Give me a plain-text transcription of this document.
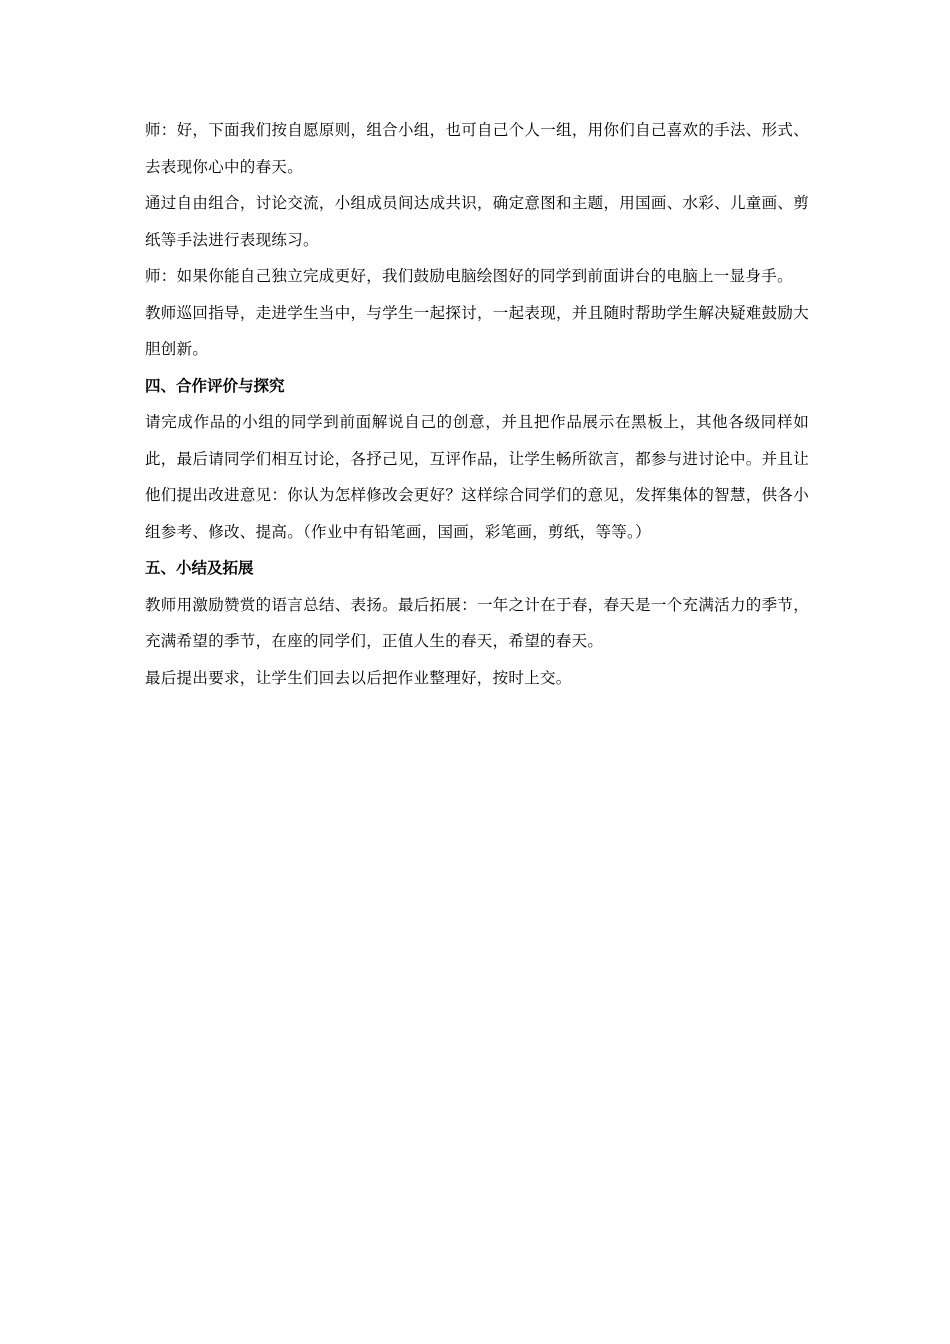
师：好，下面我们按自愿原则，组合小组，也可自己个人一组，用你们自己喜欢的手法、形式、去表现你心中的春天。

通过自由组合，讨论交流，小组成员间达成共识，确定意图和主题，用国画、水彩、儿童画、剪纸等手法进行表现练习。

师：如果你能自己独立完成更好，我们鼓励电脑绘图好的同学到前面讲台的电脑上一显身手。

教师巡回指导，走进学生当中，与学生一起探讨，一起表现，并且随时帮助学生解决疑难鼓励大胆创新。

四、合作评价与探究

请完成作品的小组的同学到前面解说自己的创意，并且把作品展示在黑板上，其他各级同样如此，最后请同学们相互讨论，各抒己见，互评作品，让学生畅所欲言，都参与进讨论中。并且让他们提出改进意见：你认为怎样修改会更好？这样综合同学们的意见，发挥集体的智慧，供各小组参考、修改、提高。（作业中有铅笔画，国画，彩笔画，剪纸，等等。）

五、小结及拓展

教师用激励赞赏的语言总结、表扬。最后拓展：一年之计在于春，春天是一个充满活力的季节，充满希望的季节，在座的同学们，正值人生的春天，希望的春天。

最后提出要求，让学生们回去以后把作业整理好，按时上交。
